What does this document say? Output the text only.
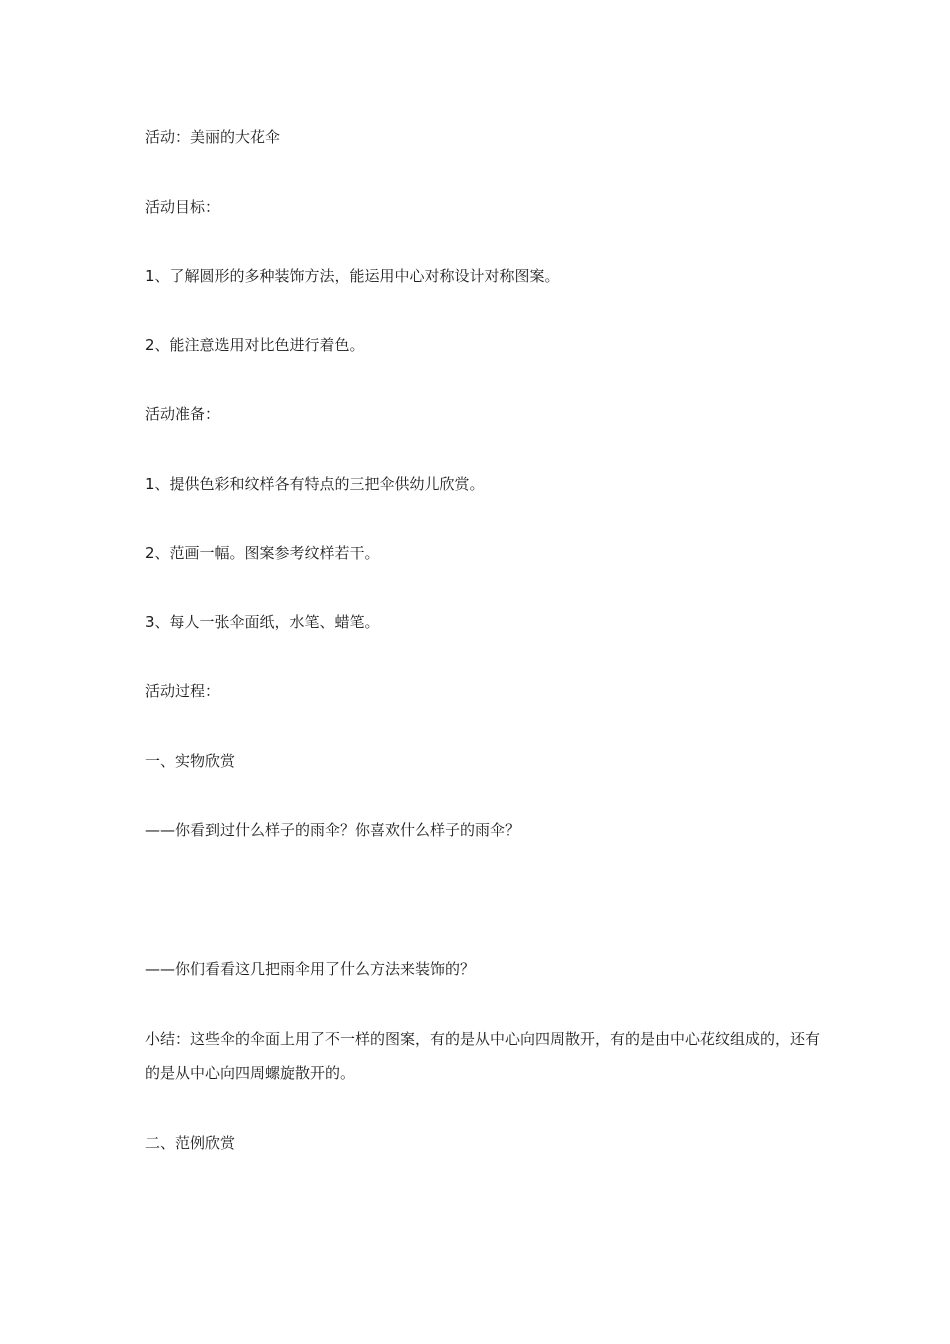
活动：美丽的大花伞
活动目标：
1、了解圆形的多种装饰方法，能运用中心对称设计对称图案。
2、能注意选用对比色进行着色。
活动准备：
1、提供色彩和纹样各有特点的三把伞供幼儿欣赏。
2、范画一幅。图案参考纹样若干。
3、每人一张伞面纸，水笔、蜡笔。
活动过程：
一、实物欣赏
——你看到过什么样子的雨伞？你喜欢什么样子的雨伞？
——你们看看这几把雨伞用了什么方法来装饰的？
小结：这些伞的伞面上用了不一样的图案，有的是从中心向四周散开，有的是由中心花纹组成的，还有的是从中心向四周螺旋散开的。
二、范例欣赏
